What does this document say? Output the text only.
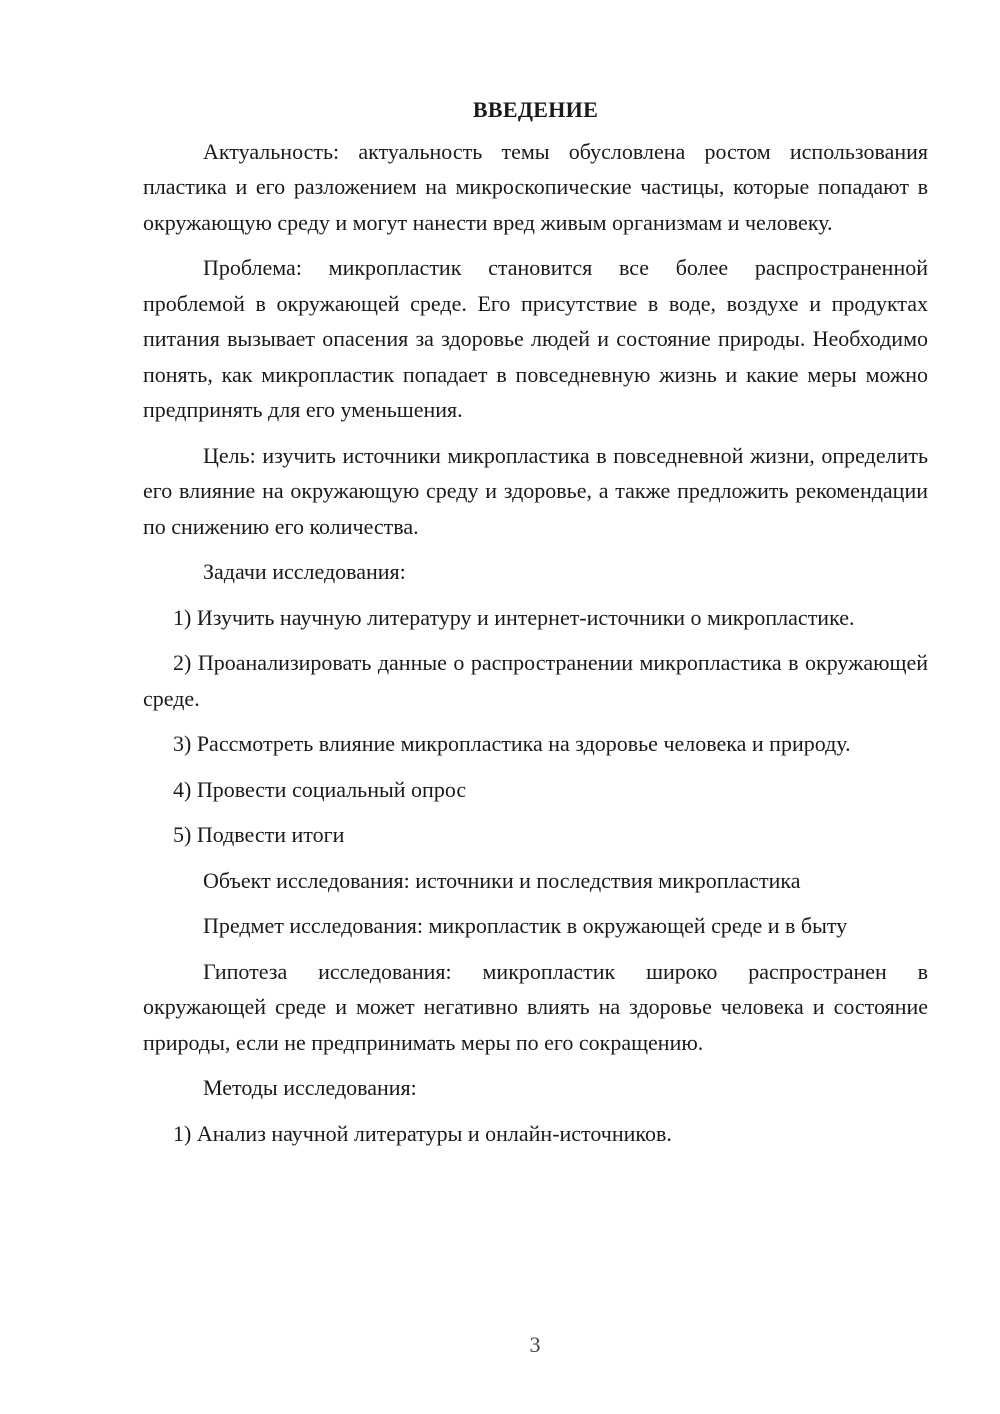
ВВЕДЕНИЕ

Актуальность: актуальность темы обусловлена ростом использования пластика и его разложением на микроскопические частицы, которые попадают в окружающую среду и могут нанести вред живым организмам и человеку.

Проблема: микропластик становится все более распространенной проблемой в окружающей среде. Его присутствие в воде, воздухе и продуктах питания вызывает опасения за здоровье людей и состояние природы. Необходимо понять, как микропластик попадает в повседневную жизнь и какие меры можно предпринять для его уменьшения.

Цель: изучить источники микропластика в повседневной жизни, определить его влияние на окружающую среду и здоровье, а также предложить рекомендации по снижению его количества.

Задачи исследования:

1) Изучить научную литературу и интернет-источники о микропластике.

2) Проанализировать данные о распространении микропластика в окружающей среде.

3) Рассмотреть влияние микропластика на здоровье человека и природу.

4) Провести социальный опрос

5) Подвести итоги

Объект исследования: источники и последствия микропластика

Предмет исследования: микропластик в окружающей среде и в быту

Гипотеза исследования: микропластик широко распространен в окружающей среде и может негативно влиять на здоровье человека и состояние природы, если не предпринимать меры по его сокращению.

Методы исследования:

1) Анализ научной литературы и онлайн-источников.

3
